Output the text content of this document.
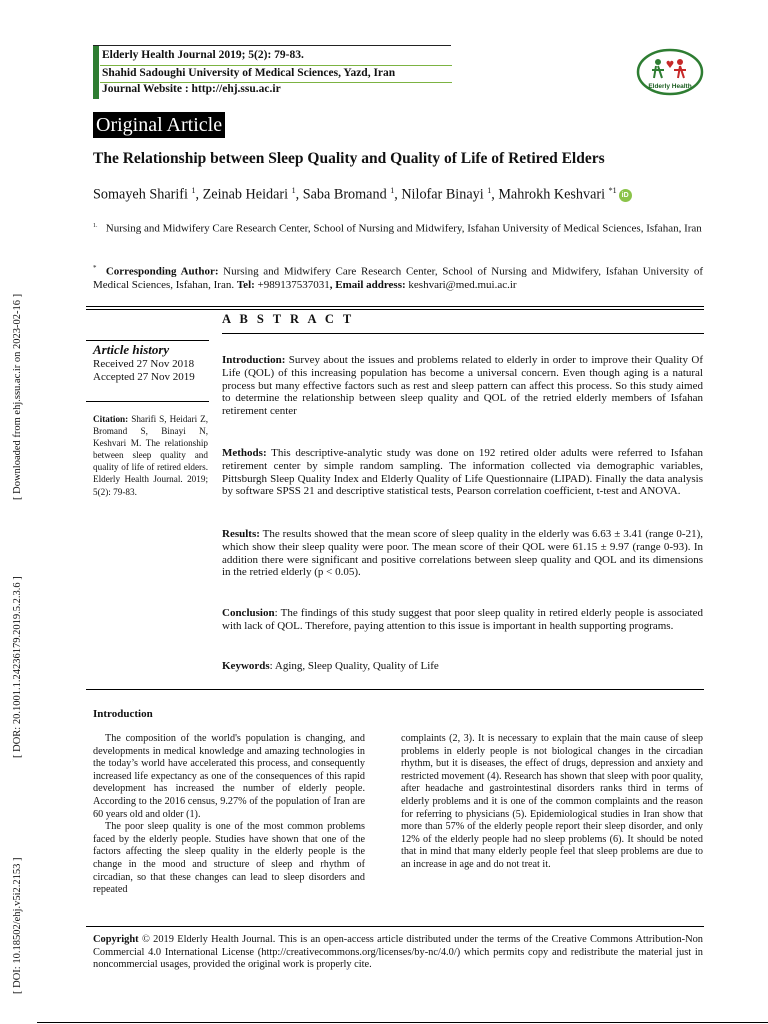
Elderly Health Journal 2019; 5(2): 79-83.
Shahid Sadoughi University of Medical Sciences, Yazd, Iran
Journal Website : http://ehj.ssu.ac.ir	Elderly Health
Original Article
The Relationship between Sleep Quality and Quality of Life of Retired Elders
Somayeh Sharifi $^1$, Zeinab Heidari $^1$, Saba Bromand $^1$, Nilofar Binayi $^1$, Mahrokh Keshvari $^{*1}$iD
$^{1.}$ Nursing and Midwifery Care Research Center, School of Nursing and Midwifery, Isfahan University of Medical Sciences, Isfahan, Iran
* Corresponding Author: Nursing and Midwifery Care Research Center, School of Nursing and Midwifery, Isfahan University of Medical Sciences, Isfahan, Iran. Tel: +989137537031, Email address: keshvari@med.mui.ac.ir
A B S T R A C T
Article history
Received 27 Nov 2018
Accepted 27 Nov 2019
Citation: Sharifi S, Heidari Z, Bromand S, Binayi N, Keshvari M. The relationship between sleep quality and quality of life of retired elders. Elderly Health Journal. 2019; 5(2): 79-83.
Introduction: Survey about the issues and problems related to elderly in order to improve their Quality Of Life (QOL) of this increasing population has become a universal concern. Even though aging is a natural process but many effective factors such as rest and sleep pattern can affect this process. So this study aimed to determine the relationship between sleep quality and QOL of the retried elderly members of Isfahan retirement center
Methods: This descriptive-analytic study was done on 192 retired older adults were referred to Isfahan retirement center by simple random sampling. The information collected via demographic variables, Pittsburgh Sleep Quality Index and Elderly Quality of Life Questionnaire (LIPAD). Finally the data analysis by software SPSS 21 and descriptive statistical tests, Pearson correlation coefficient, t-test and ANOVA.
Results: The results showed that the mean score of sleep quality in the elderly was 6.63 ± 3.41 (range 0-21), which show their sleep quality were poor. The mean score of their QOL were 61.15 ± 9.97 (range 0-93). In addition there were significant and positive correlations between sleep quality and QOL and its dimensions in the retried elderly (p < 0.05).
Conclusion: The findings of this study suggest that poor sleep quality in retired elderly people is associated with lack of QOL. Therefore, paying attention to this issue is important in health supporting programs.
Keywords: Aging, Sleep Quality, Quality of Life
[ Downloaded from ehj.ssu.ac.ir on 2023-02-16 ]
[ DOR: 20.1001.1.24236179.2019.5.2.3.6 ]
[ DOI: 10.18502/ehj.v5i2.2153 ]
Introduction

The composition of the world's population is changing, and developments in medical knowledge and amazing technologies in the today’s world have accelerated this process, and consequently increased life expectancy as one of the consequences of this rapid development has increased the number of elderly people. According to the 2016 census, 9.27% of the population of Iran are 60 years old and older (1).

The poor sleep quality is one of the most common problems faced by the elderly people. Studies have shown that one of the factors affecting the sleep quality in the elderly people is the change in the mood and structure of sleep and rhythm of circadian, so that these changes can lead to sleep disorders and repeated

complaints (2, 3). It is necessary to explain that the main cause of sleep problems in elderly people is not biological changes in the circadian rhythm, but it is diseases, the effect of drugs, depression and anxiety and restricted movement (4). Research has shown that sleep with poor quality, after headache and gastrointestinal disorders ranks third in terms of elderly problems and it is one of the common complaints and the reason for referring to physicians (5). Epidemiological studies in Iran show that more than 57% of the elderly people report their sleep disorder, and only 12% of the elderly people had no sleep problems (6). It should be noted that in mind that many elderly people feel that sleep problems are due to an increase in age and do not treat it.

Copyright © 2019 Elderly Health Journal. This is an open-access article distributed under the terms of the Creative Commons Attribution-Non Commercial 4.0 International License (http://creativecommons.org/licenses/by-nc/4.0/) which permits copy and redistribute the material just in noncommercial usages, provided the original work is properly cite.
